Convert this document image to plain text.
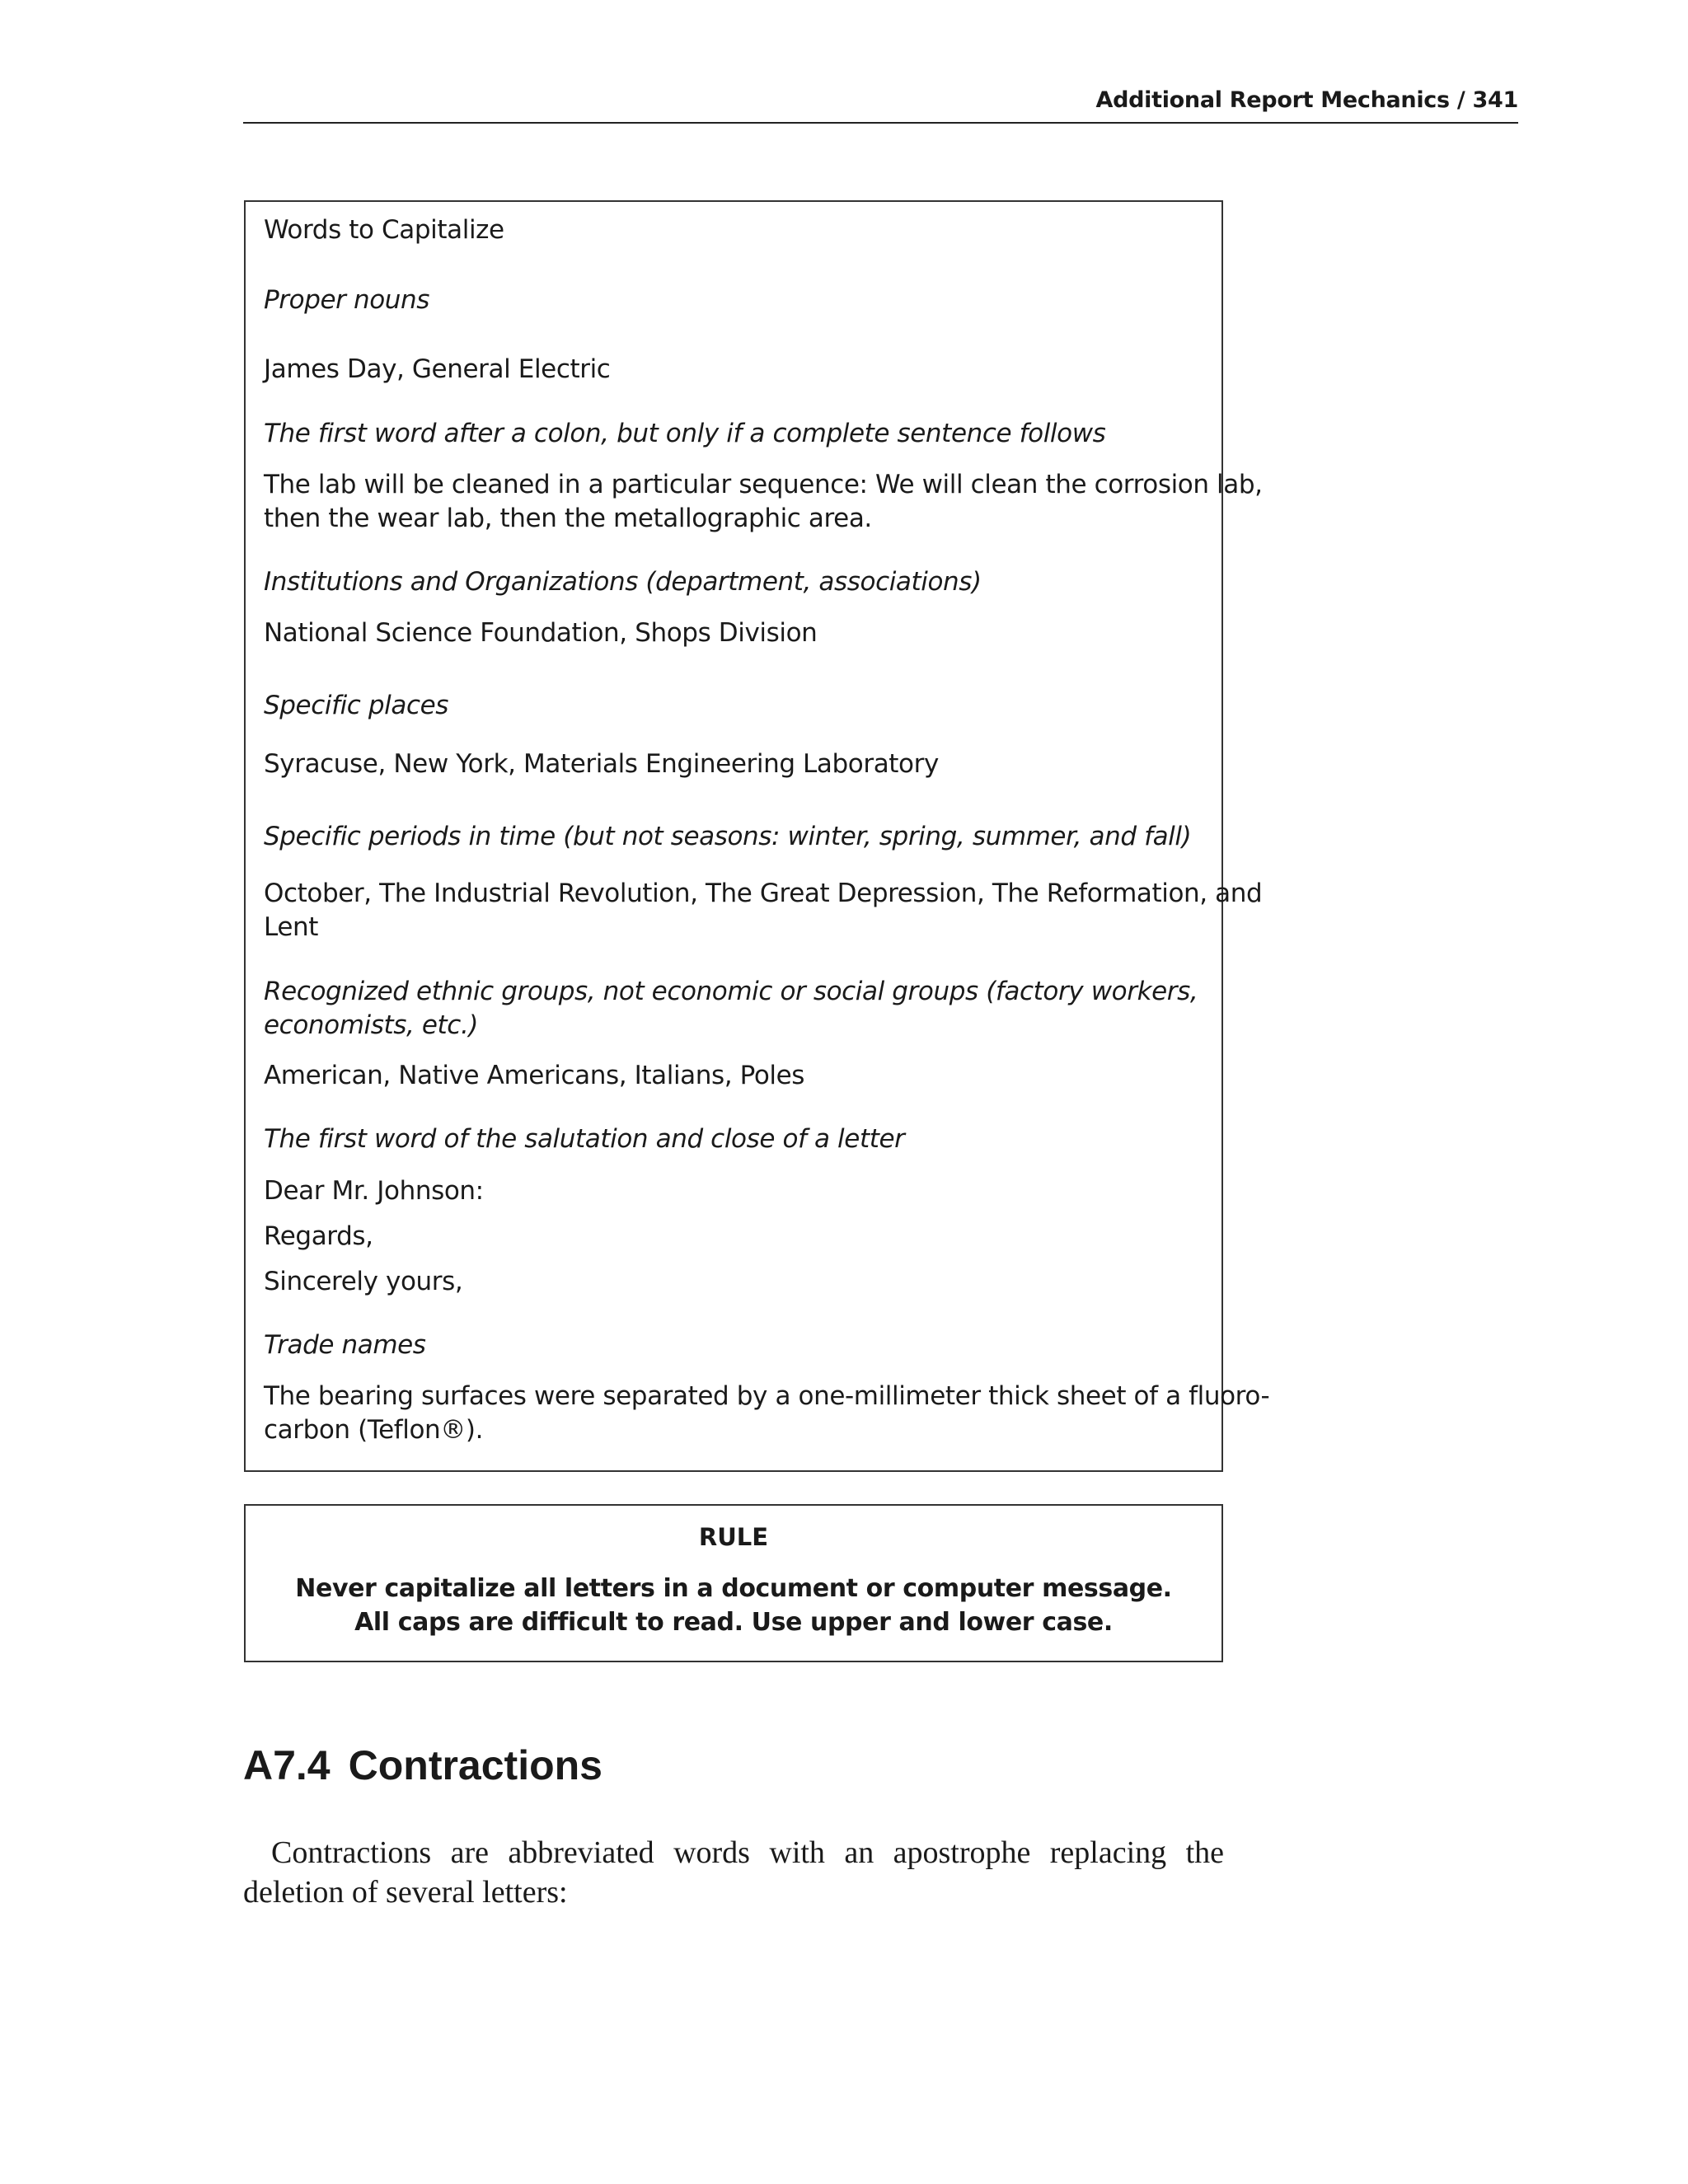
Additional Report Mechanics / 341
Words to Capitalize
Proper nouns
James Day, General Electric
The first word after a colon, but only if a complete sentence follows
The lab will be cleaned in a particular sequence: We will clean the corrosion lab,
then the wear lab, then the metallographic area.
Institutions and Organizations (department, associations)
National Science Foundation, Shops Division
Specific places
Syracuse, New York, Materials Engineering Laboratory
Specific periods in time (but not seasons: winter, spring, summer, and fall)
October, The Industrial Revolution, The Great Depression, The Reformation, and
Lent
Recognized ethnic groups, not economic or social groups (factory workers,
economists, etc.)
American, Native Americans, Italians, Poles
The first word of the salutation and close of a letter
Dear Mr. Johnson:
Regards,
Sincerely yours,
Trade names
The bearing surfaces were separated by a one-millimeter thick sheet of a fluoro-
carbon (Teflon®).
RULE
Never capitalize all letters in a document or computer message. All caps are difficult to read. Use upper and lower case.
A7.4 Contractions
Contractions are abbreviated words with an apostrophe replacing the deletion of several letters:
